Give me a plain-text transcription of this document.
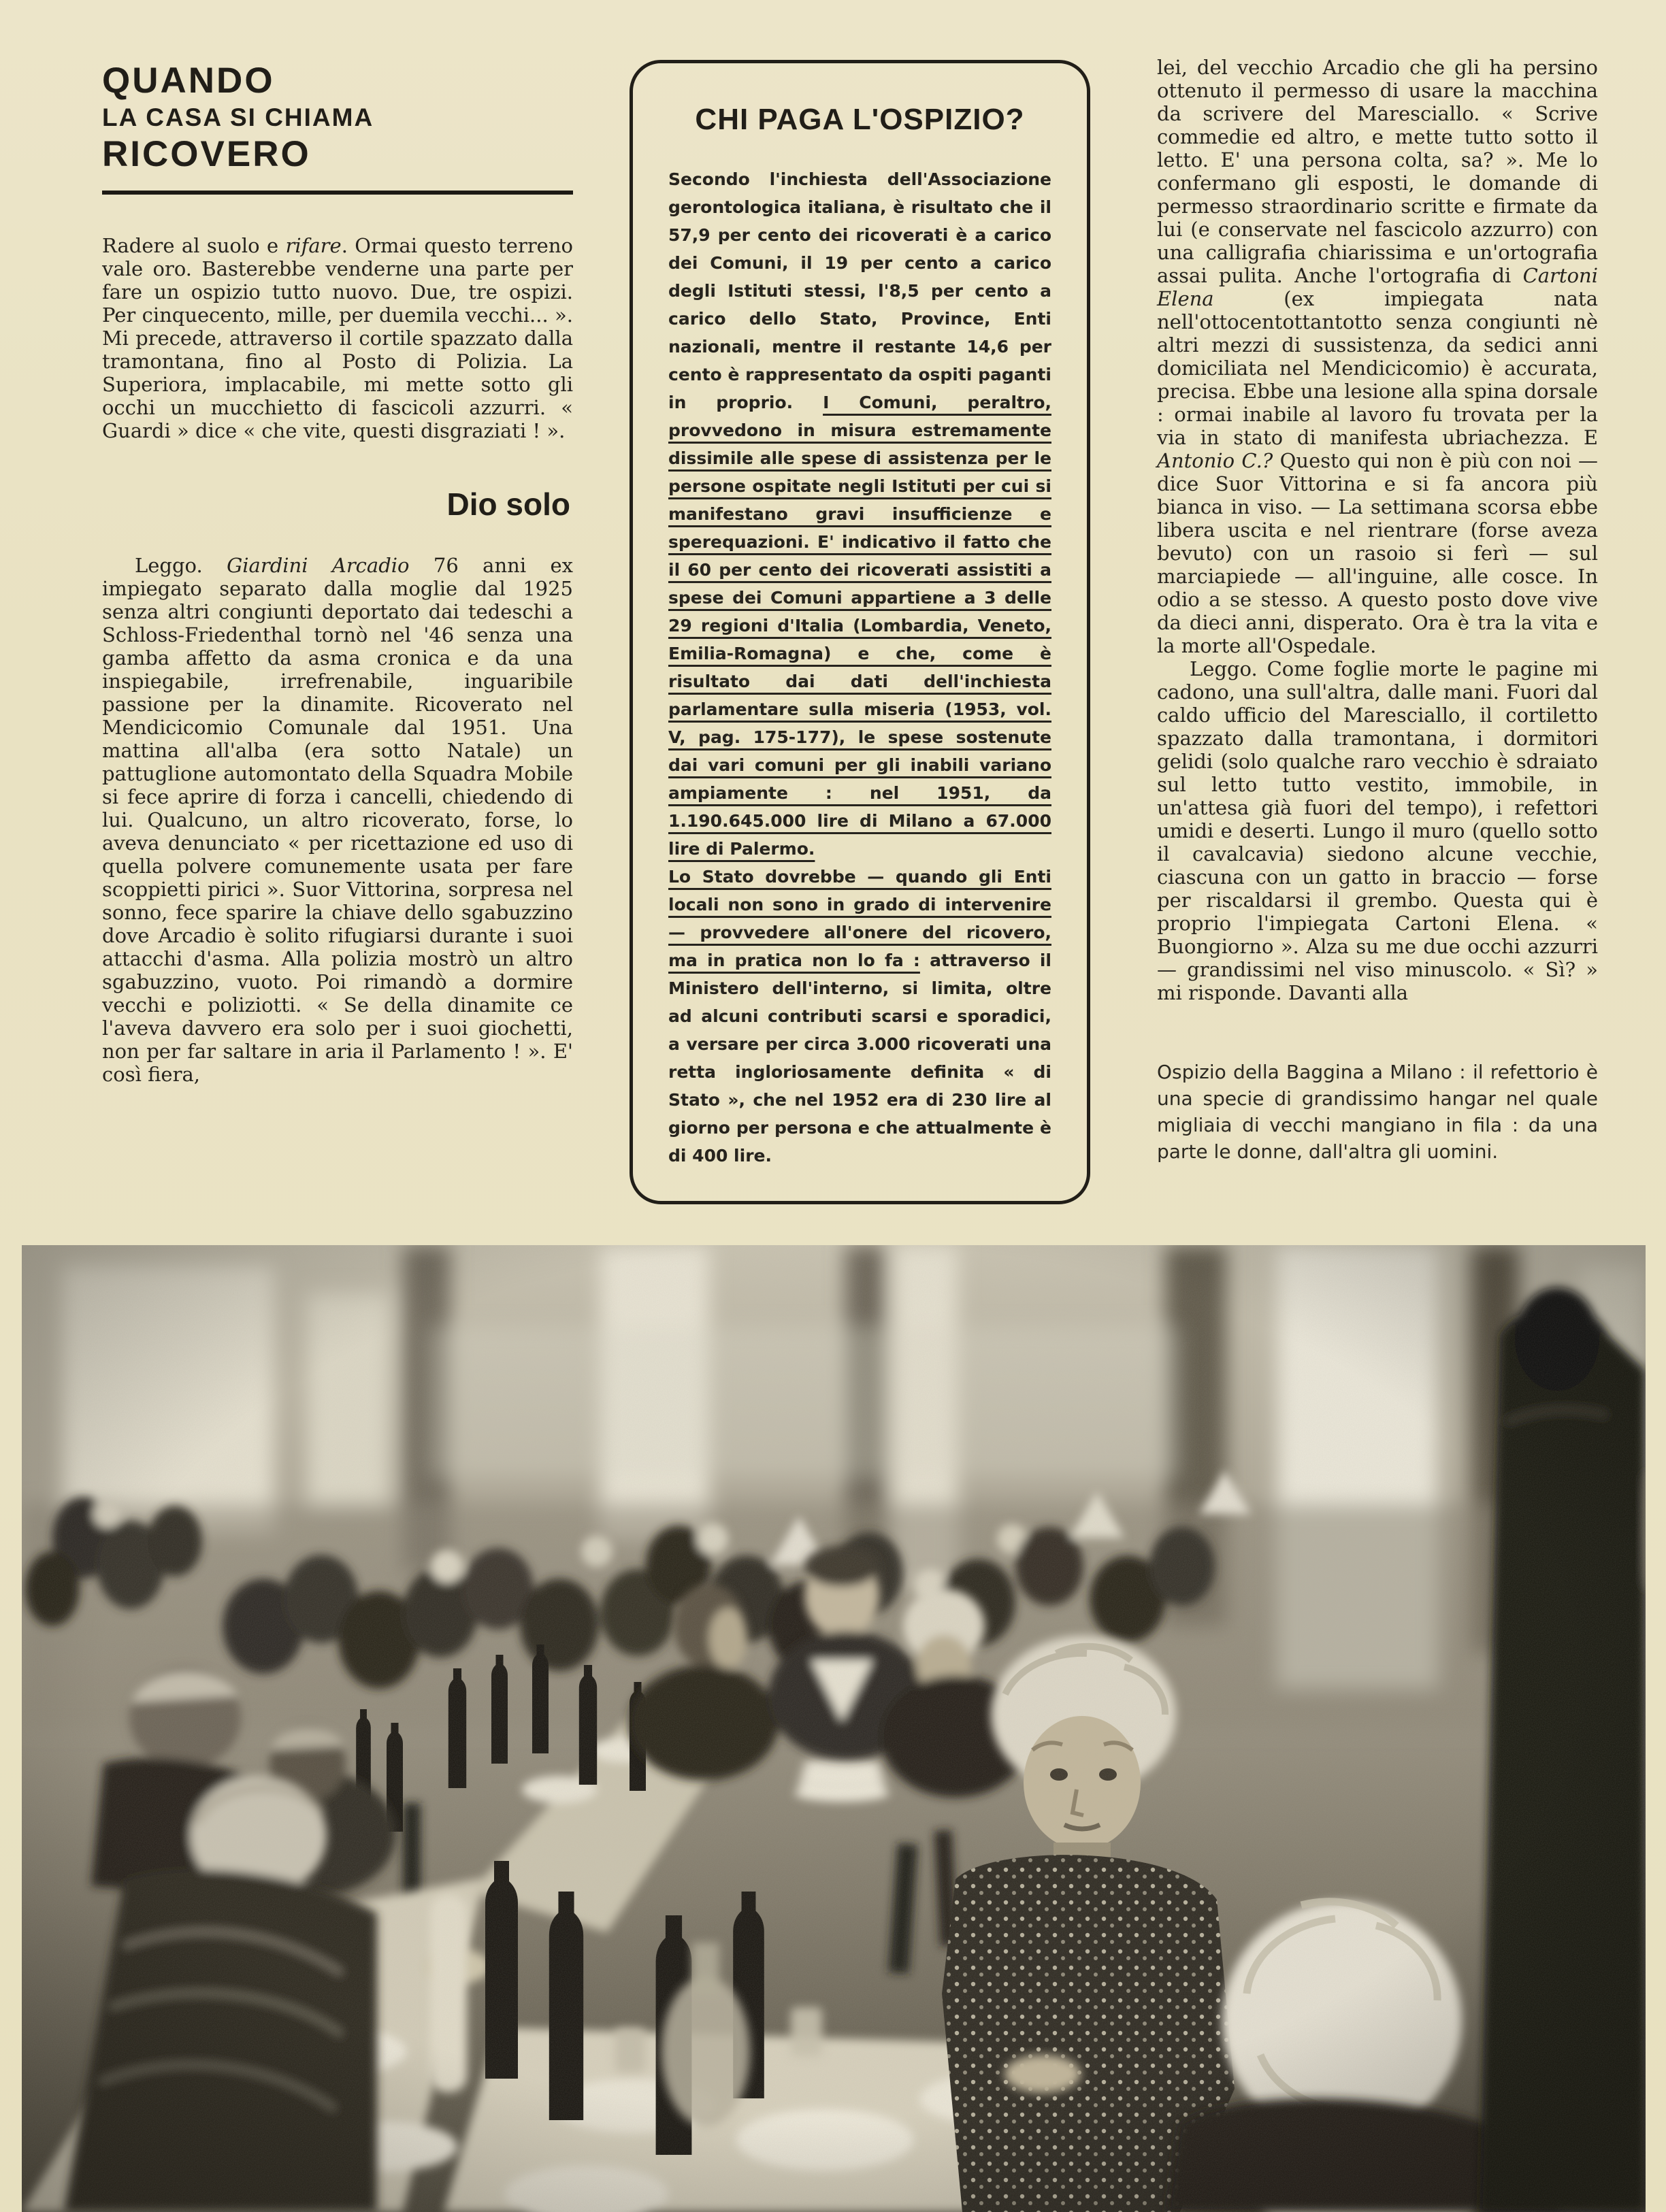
QUANDO
LA CASA SI CHIAMA
RICOVERO

Radere al suolo e rifare. Ormai questo terreno vale oro. Basterebbe venderne una parte per fare un ospizio tutto nuovo. Due, tre ospizi. Per cinquecento, mille, per duemila vecchi... ». Mi precede, attraverso il cortile spazzato dalla tramontana, fino al Posto di Polizia. La Superiora, implacabile, mi mette sotto gli occhi un mucchietto di fascicoli azzurri. « Guardi » dice « che vite, questi disgraziati ! ».

Dio solo

Leggo. Giardini Arcadio 76 anni ex impiegato separato dalla moglie dal 1925 senza altri congiunti deportato dai tedeschi a Schloss-Friedenthal tornò nel '46 senza una gamba affetto da asma cronica e da una inspiegabile, irrefrenabile, inguaribile passione per la dinamite. Ricoverato nel Mendicicomio Comunale dal 1951. Una mattina all'alba (era sotto Natale) un pattuglione automontato della Squadra Mobile si fece aprire di forza i cancelli, chiedendo di lui. Qualcuno, un altro ricoverato, forse, lo aveva denunciato « per ricettazione ed uso di quella polvere comunemente usata per fare scoppietti pirici ». Suor Vittorina, sorpresa nel sonno, fece sparire la chiave dello sgabuzzino dove Arcadio è solito rifugiarsi durante i suoi attacchi d'asma. Alla polizia mostrò un altro sgabuzzino, vuoto. Poi rimandò a dormire vecchi e poliziotti. « Se della dinamite ce l'aveva davvero era solo per i suoi giochetti, non per far saltare in aria il Parlamento ! ». E' così fiera,

CHI PAGA L'OSPIZIO?

Secondo l'inchiesta dell'Associazione gerontologica italiana, è risultato che il 57,9 per cento dei ricoverati è a carico dei Comuni, il 19 per cento a carico degli Istituti stessi, l'8,5 per cento a carico dello Stato, Province, Enti nazionali, mentre il restante 14,6 per cento è rappresentato da ospiti paganti in proprio. I Comuni, peraltro, provvedono in misura estremamente dissimile alle spese di assistenza per le persone ospitate negli Istituti per cui si manifestano gravi insufficienze e sperequazioni. E' indicativo il fatto che il 60 per cento dei ricoverati assistiti a spese dei Comuni appartiene a 3 delle 29 regioni d'Italia (Lombardia, Veneto, Emilia-Romagna) e che, come è risultato dai dati dell'inchiesta parlamentare sulla miseria (1953, vol. V, pag. 175-177), le spese sostenute dai vari comuni per gli inabili variano ampiamente : nel 1951, da 1.190.645.000 lire di Milano a 67.000 lire di Palermo.

Lo Stato dovrebbe — quando gli Enti locali non sono in grado di intervenire — provvedere all'onere del ricovero, ma in pratica non lo fa : attraverso il Ministero dell'interno, si limita, oltre ad alcuni contributi scarsi e sporadici, a versare per circa 3.000 ricoverati una retta ingloriosamente definita « di Stato », che nel 1952 era di 230 lire al giorno per persona e che attualmente è di 400 lire.

lei, del vecchio Arcadio che gli ha persino ottenuto il permesso di usare la macchina da scrivere del Maresciallo. « Scrive commedie ed altro, e mette tutto sotto il letto. E' una persona colta, sa? ». Me lo confermano gli esposti, le domande di permesso straordinario scritte e firmate da lui (e conservate nel fascicolo azzurro) con una calligrafia chiarissima e un'ortografia assai pulita. Anche l'ortografia di Cartoni Elena (ex impiegata nata nell'ottocentottantotto senza congiunti nè altri mezzi di sussistenza, da sedici anni domiciliata nel Mendicicomio) è accurata, precisa. Ebbe una lesione alla spina dorsale : ormai inabile al lavoro fu trovata per la via in stato di manifesta ubriachezza. E Antonio C.? Questo qui non è più con noi — dice Suor Vittorina e si fa ancora più bianca in viso. — La settimana scorsa ebbe libera uscita e nel rientrare (forse aveza bevuto) con un rasoio si ferì — sul marciapiede — all'inguine, alle cosce. In odio a se stesso. A questo posto dove vive da dieci anni, disperato. Ora è tra la vita e la morte all'Ospedale.

Leggo. Come foglie morte le pagine mi cadono, una sull'altra, dalle mani. Fuori dal caldo ufficio del Maresciallo, il cortiletto spazzato dalla tramontana, i dormitori gelidi (solo qualche raro vecchio è sdraiato sul letto tutto vestito, immobile, in un'attesa già fuori del tempo), i refettori umidi e deserti. Lungo il muro (quello sotto il cavalcavia) siedono alcune vecchie, ciascuna con un gatto in braccio — forse per riscaldarsi il grembo. Questa qui è proprio l'impiegata Cartoni Elena. « Buongiorno ». Alza su me due occhi azzurri — grandissimi nel viso minuscolo. « Sì? » mi risponde. Davanti alla

Ospizio della Baggina a Milano : il refettorio è una specie di grandissimo hangar nel quale migliaia di vecchi mangiano in fila : da una parte le donne, dall'altra gli uomini.
